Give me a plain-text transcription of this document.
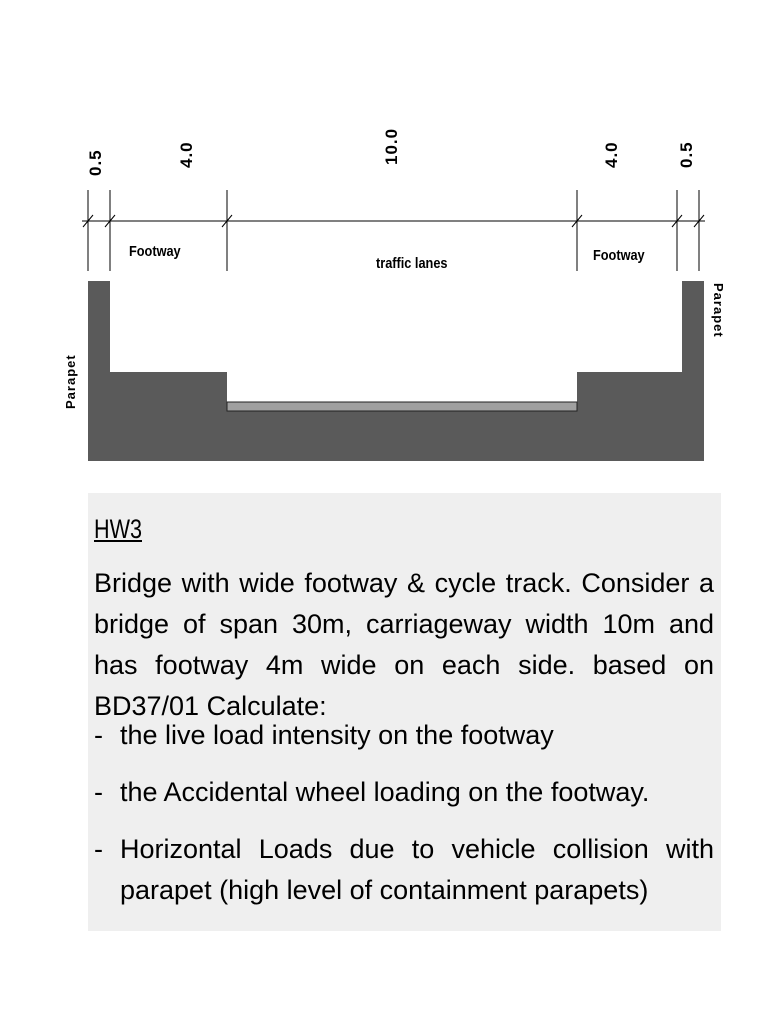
0.5	4.0	10.0	4.0	0.5
Footway
traffic lanes	Footway
Parapet
Parapet
HW3
Bridge with wide footway & cycle track. Consider a bridge of span 30m, carriageway width 10m and has footway 4m wide on each side. based on BD37/01 Calculate:
- the live load intensity on the footway
- the Accidental wheel loading on the footway.
- Horizontal Loads due to vehicle collision with parapet (high level of containment parapets)
